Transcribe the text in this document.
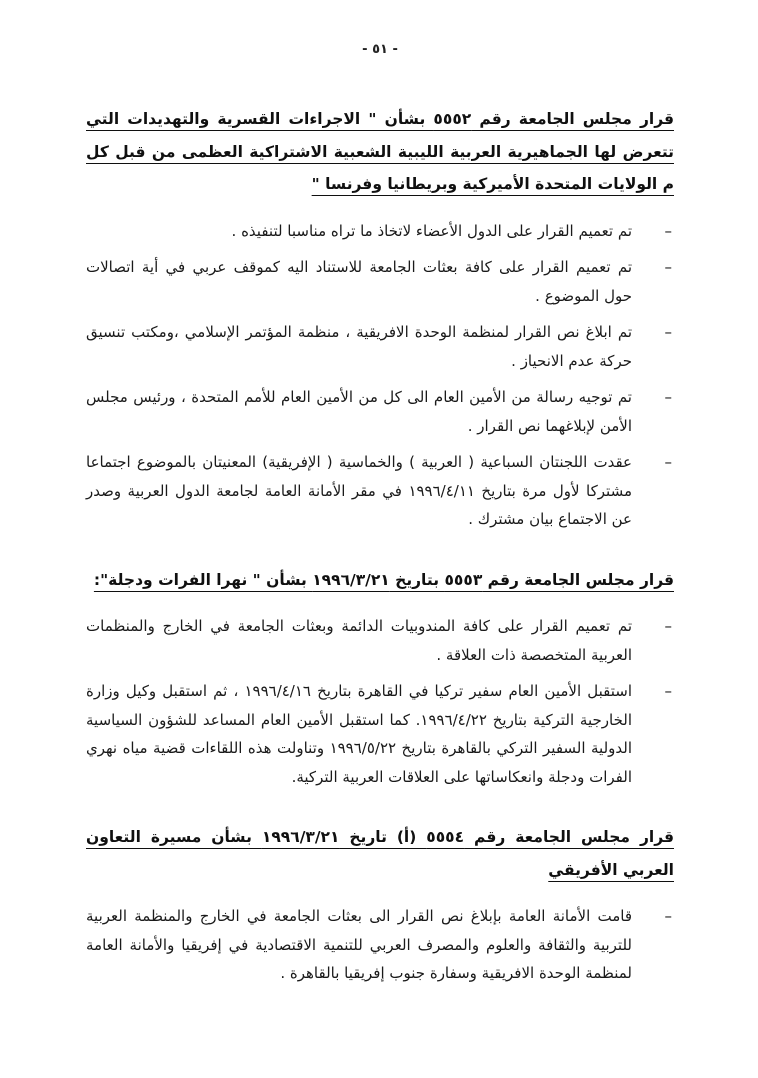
- ٥١ -
قرار مجلس الجامعة رقم ٥٥٥٢ بشأن " الاجراءات القسرية والتهديدات التي تتعرض لها الجماهيرية العربية الليبية الشعبية الاشتراكية العظمى من قبل كل م الولايات المتحدة الأميركية وبريطانيا وفرنسا "
–

تم تعميم القرار على الدول الأعضاء لاتخاذ ما تراه مناسبا لتنفيذه .

–

تم تعميم القرار على كافة بعثات الجامعة للاستناد اليه كموقف عربي في أية اتصالات حول الموضوع .

–

تم ابلاغ نص القرار لمنظمة الوحدة الافريقية ، منظمة المؤتمر الإسلامي ،ومكتب تنسيق حركة عدم الانحياز .

–

تم توجيه رسالة من الأمين العام الى كل من الأمين العام للأمم المتحدة ، ورئيس مجلس الأمن لإبلاغهما نص القرار .

–

عقدت اللجنتان السباعية ( العربية ) والخماسية ( الإفريقية) المعنيتان بالموضوع اجتماعا مشتركا لأول مرة بتاريخ ١٩٩٦/٤/١١ في مقر الأمانة العامة لجامعة الدول العربية وصدر عن الاجتماع بيان مشترك .

قرار مجلس الجامعة رقم ٥٥٥٣ بتاريخ ١٩٩٦/٣/٢١ بشأن " نهرا الفرات ودجلة":
–

تم تعميم القرار على كافة المندوبيات الدائمة وبعثات الجامعة في الخارج والمنظمات العربية المتخصصة ذات العلاقة .

–

استقبل الأمين العام سفير تركيا في القاهرة بتاريخ ١٩٩٦/٤/١٦ ، ثم استقبل وكيل وزارة الخارجية التركية بتاريخ ١٩٩٦/٤/٢٢. كما استقبل الأمين العام المساعد للشؤون السياسية الدولية السفير التركي بالقاهرة بتاريخ ١٩٩٦/٥/٢٢ وتناولت هذه اللقاءات قضية مياه نهري الفرات ودجلة وانعكاساتها على العلاقات العربية التركية.

قرار مجلس الجامعة رقم ٥٥٥٤ (أ) تاريخ ١٩٩٦/٣/٢١ بشأن مسيرة التعاون العربي الأفريقي
–

قامت الأمانة العامة بإبلاغ نص القرار الى بعثات الجامعة في الخارج والمنظمة العربية للتربية والثقافة والعلوم والمصرف العربي للتنمية الاقتصادية في إفريقيا والأمانة العامة لمنظمة الوحدة الافريقية وسفارة جنوب إفريقيا بالقاهرة .
